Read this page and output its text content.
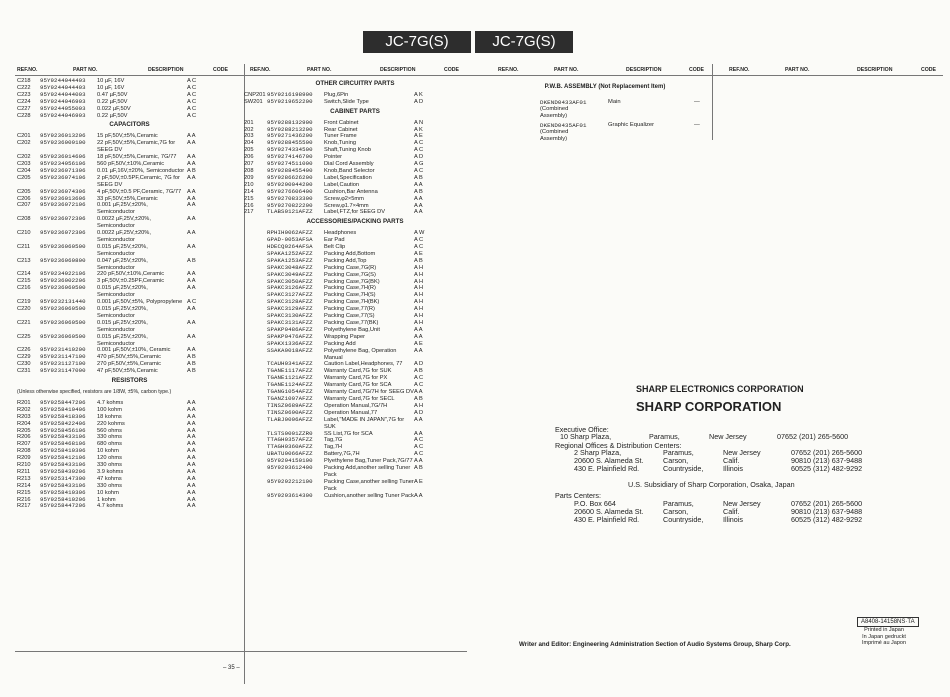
JC-7G(S)	JC-7G(S)
REF.NO.	PART NO.	DESCRIPTION	CODE	REF.NO.	PART NO.	DESCRIPTION	CODE	REF.NO.	PART NO.	DESCRIPTION	CODE	REF.NO.	PART NO.	DESCRIPTION	CODE
C218	95Y9244044403	10 µF, 16V	A C
C222	95Y9244044403	10 µF, 16V	A C
C223	95Y9244044003	0.47 µF,50V	A C
C224	95Y9244046903	0.22 µF,50V	A C
C227	95Y9244055003	0.022 µF,50V	A C
C228	95Y9244046903	0.22 µF,50V	A C
CAPACITORS
C201	95Y9236013206	15 pF,50V,±5%,Ceramic	A A
C202	95Y9236009100	22 pF,50V,±5%,Ceramic,7G for SEEG DV
A A
C202	95Y9236014606	18 pF,50V,±5%,Ceramic, 7G/77	A A
C203	95Y9234956106	560 pF,50V,±10%,Ceramic	A A
C204	95Y9236071306	0.01 µF,16V,±20%, Semiconductor A B
C205	95Y9236074106	2 pF,50V,±0.5PF,Ceramic, 7G for SEEG DV
A A
C205	95Y9236074306	4 pF,50V,±0.5 PF,Ceramic, 7G/77	A A
C206	95Y9236013606	33 pF,50V,±5%,Ceramic	A A
C207	95Y9236072106	0.001 µF,25V,±20%, Semiconductor
A A
C208	95Y9236072306	0.0022 µF,25V,±20%, Semiconductor
A A
C210	95Y9236072306	0.0022 µF,25V,±20%, Semiconductor
A A
C211	95Y9236060500	0.015 µF,25V,±20%, Semiconductor
A A
C213	95Y9236060800	0.047 µF,25V,±20%, Semiconductor
A B
C214	95Y9234922106	220 pF,50V,±10%,Ceramic	A A
C215	95Y9236002206	3 pF,50V,±0.25PF,Ceramic	A A
C216	95Y9236060500	0.015 µF,25V,±20%, Semiconductor
A A
C219	95Y9232131440	0.001 µF,50V,±5%, Polypropylene A C
C220	95Y9236060500	0.015 µF,25V,±20%, Semiconductor
A A
C221	95Y9236060500	0.015 µF,25V,±20%, Semiconductor
A A
C225	95Y9236060500	0.015 µF,25V,±20%, Semiconductor
A A
C226	95Y9231410200	0.001 µF,50V,±10%, Ceramic	A A
C229	95Y9231147100	470 pF,50V,±5%,Ceramic	A B
C230	95Y9231127100	270 pF,50V,±5%,Ceramic	A B
C231	95Y9231147000	47 pF,50V,±5%,Ceramic	A B
RESISTORS
(Unless otherwise specified, resistors are 1/8W, ±5%, carbon type.)
R201	95Y9258447206	4.7 kohms	A A
R202	95Y9258410406	100 kohm	A A
R203	95Y9258418306	18 kohms	A A
R204	95Y9258422406	220 kohms	A A
R205	95Y9258456106	560 ohms	A A
R206	95Y9258433106	330 ohms	A A
R207	95Y9258468106	680 ohms	A A
R208	95Y9258410306	10 kohm	A A
R209	95Y9258412106	120 ohms	A A
R210	95Y9258433106	330 ohms	A A
R211	95Y9258439206	3.9 kohms	A A
R213	95Y9253147300	47 kohms	A A
R214	95Y9258433106	330 ohms	A A
R215	95Y9258410306	10 kohm	A A
R216	95Y9258410206	1 kohm	A A
R217	95Y9258447206	4.7 kohms	A A
OTHER CIRCUITRY PARTS
CNP201 95Y9216198900	Plug,6Pin	A K
SW201 95Y9219652200	Switch,Slide Type	A D
CABINET PARTS
201	95Y9288132900	Front Cabinet	A N
202	95Y9288213200	Rear Cabinet	A K
203	95Y9271436200	Tuner Frame	A E
204	95Y9288455500	Knob,Tuning	A C
205	95Y9274334500	Shaft,Tuning Knob	A C
206	95Y9274146700	Pointer	A D
207	95Y9274511000	Dial Cord Assembly	A G
208	95Y9288455400	Knob,Band Selector	A C
209	95Y9286626200	Label,Specification	A B
210	95Y9290044200	Label,Caution	A A
214	95Y9276606400	Cushion,Bar Antenna	A B
215	95Y9270833300	Screw,φ2×5mm	A A
216	95Y9270822200	Screw,φ1.7×4mm	A A
217	TLABS0121AFZZ	Label,FTZ,for SEEG DV	A A
ACCESSORIES/PACKING PARTS
RPHIH0062AFZZ	Headphones	A W
GPAD-0053AFSA	Ear Pad	A C
HDECQ0264AFSA	Belt Clip	A C
SPAKA1252AFZZ	Packing Add,Bottom	A E
SPAKA1253AFZZ	Packing Add,Top	A B
SPAKC3048AFZZ	Packing Case,7G(R)	A H
SPAKC3049AFZZ	Packing Case,7G(S)	A H
SPAKC3050AFZZ	Packing Case,7G(BK)	A H
SPAKC3126AFZZ	Packing Case,7H(R)	A H
SPAKC3127AFZZ	Packing Case,7H(S)	A H
SPAKC3128AFZZ	Packing Case,7H(BK)	A H
SPAKC3129AFZZ	Packing Case,77(R)	A H
SPAKC3130AFZZ	Packing Case,77(S)	A H
SPAKC3131AFZZ	Packing Case,77(BK)	A H
SPAKP0486AFZZ	Polyethylene Bag,Unit	A A
SPAKP0476AFZZ	Wrapping Paper	A A
SPAKX1336AFZZ	Packing Add	A E
SSAKA0018AFZZ	Polyethylene Bag, Operation Manual
A A
TCAUH0341AFZZ	Caution Label,Headphones, 77	A D
TGANE1117AFZZ	Warranty Card,7G for SUK	A B
TGANE1121AFZZ	Warranty Card,7G for PX	A C
TGANE1124AFZZ	Warranty Card,7G for SCA	A C
TGANG1054AFZZ	Warranty Card,7G/7H for SEEG DV A A
TGANZ1007AFZZ	Warranty Card,7G for SECL	A B
TINSZ0689AFZZ	Operation Manual,7G/7H	A H
TINSZ0690AFZZ	Operation Manual,77	A D
TLABJ0006AFZZ	Label,"MADE IN JAPAN",7G for SUK
A A
TLSTS0001ZZR0	SS List,7G for SCA	A A
TTAGH0357AFZZ	Tag,7G	A C
TTAGH0360AFZZ	Tag,7H	A C
UBATU0066AFZZ	Battery,7G,7H	A C
95Y9294150100	Plyethylene Bag,Tuner Pack,7G/77 A A
95Y9293612400	Packing Add,another selling Tuner Pack
A B
95Y9292212100	Packing Case,another selling Tuner Pack
A E
95Y9293614300	Cushion,another selling Tuner Pack A A
– 35 –
P.W.B. ASSEMBLY (Not Replacement Item)
DKEND0433AF01
(Combined Assembly)
Main	—
DKEND0435AF01
(Combined Assembly)
Graphic Equalizer	—
SHARP ELECTRONICS CORPORATION
SHARP CORPORATION
Executive Office:
10 Sharp Plaza,	Paramus,	New Jersey	07652 (201) 265-5600
Regional Offices & Distribution Centers:
2 Sharp Plaza,	Paramus,	New Jersey	07652 (201) 265-5600
20600 S. Alameda St.	Carson,	Calif.	90810 (213) 637-9488
430 E. Plainfield Rd.	Countryside,	Illinois	60525 (312) 482-9292
U.S. Subsidiary of Sharp Corporation, Osaka, Japan
Parts Centers:
P.O. Box 664	Paramus,	New Jersey	07652 (201) 265-5600
20600 S. Alameda St.	Carson,	Calif.	90810 (213) 637-9488
430 E. Plainfield Rd.	Countryside,	Illinois	60525 (312) 482-9292
A8408-14158NS·TA
Printed in Japan
In Japan gedruckt
Imprimé au Japon
Writer and Editor: Engineering Administration Section of Audio Systems Group, Sharp Corp.
